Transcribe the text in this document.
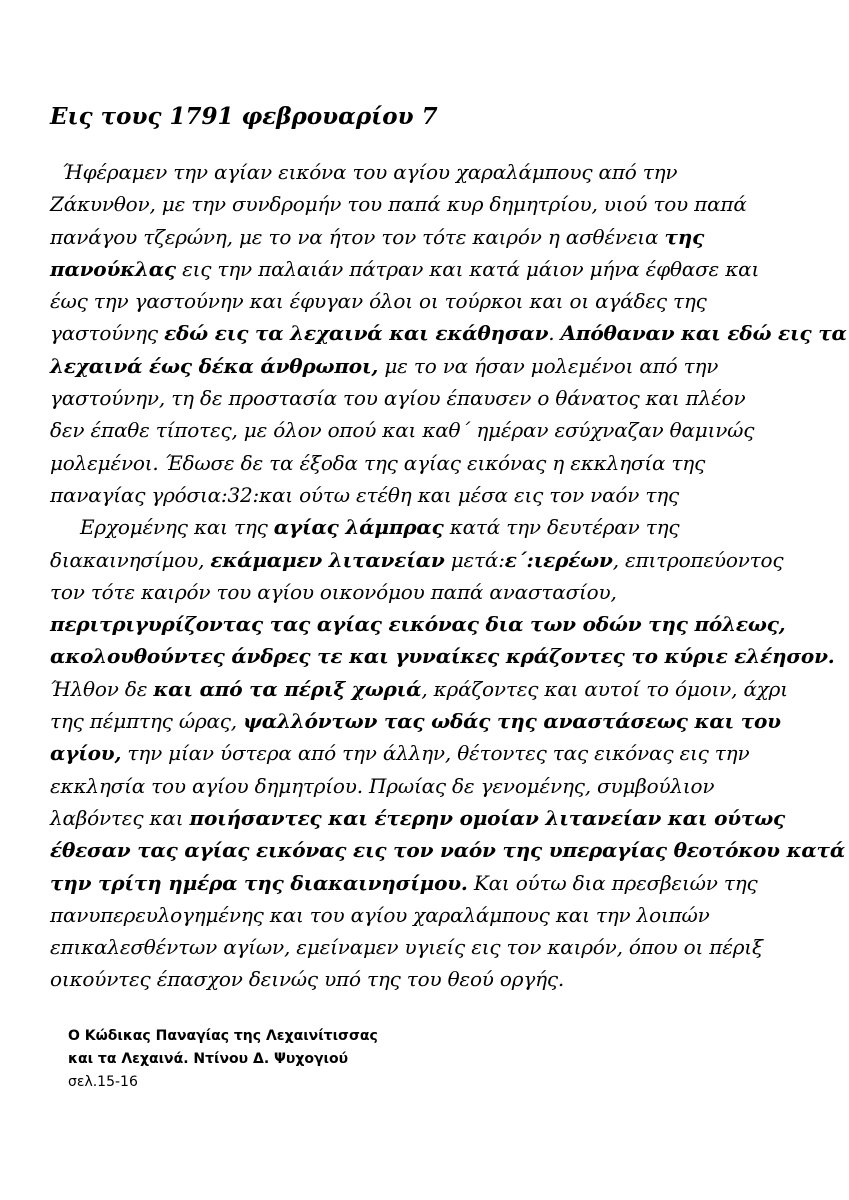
Εις τους 1791 φεβρουαρίου 7
Ήφέραμεν την αγίαν εικόνα του αγίου χαραλάμπους από την
Ζάκυνθον, με την συνδρομήν του παπά κυρ δημητρίου, υιού του παπά
πανάγου τζερώνη, με το να ήτον τον τότε καιρόν η ασθένεια της
πανούκλας εις την παλαιάν πάτραν και κατά μάιον μήνα έφθασε και
έως την γαστούνην και έφυγαν όλοι οι τούρκοι και οι αγάδες της
γαστούνης εδώ εις τα λεχαινά και εκάθησαν. Απόθαναν και εδώ εις τα
λεχαινά έως δέκα άνθρωποι, με το να ήσαν μολεμένοι από την
γαστούνην, τη δε προστασία του αγίου έπαυσεν ο θάνατος και πλέον
δεν έπαθε τίποτες, με όλον οπού και καθ΄ ημέραν εσύχναζαν θαμινώς
μολεμένοι. Έδωσε δε τα έξοδα της αγίας εικόνας η εκκλησία της
παναγίας γρόσια:32:και ούτω ετέθη και μέσα εις τον ναόν της
Ερχομένης και της αγίας λάμπρας κατά την δευτέραν της
διακαινησίμου, εκάμαμεν λιτανείαν μετά:ε΄:ιερέων, επιτροπεύοντος
τον τότε καιρόν του αγίου οικονόμου παπά αναστασίου,
περιτριγυρίζοντας τας αγίας εικόνας δια των οδών της πόλεως,
ακολουθούντες άνδρες τε και γυναίκες κράζοντες το κύριε ελέησον.
Ήλθον δε και από τα πέριξ χωριά, κράζοντες και αυτοί το όμοιν, άχρι
της πέμπτης ώρας, ψαλλόντων τας ωδάς της αναστάσεως και του
αγίου, την μίαν ύστερα από την άλλην, θέτοντες τας εικόνας εις την
εκκλησία του αγίου δημητρίου. Πρωίας δε γενομένης, συμβούλιον
λαβόντες και ποιήσαντες και έτερην ομοίαν λιτανείαν και ούτως
έθεσαν τας αγίας εικόνας εις τον ναόν της υπεραγίας θεοτόκου κατά
την τρίτη ημέρα της διακαινησίμου. Και ούτω δια πρεσβειών της
πανυπερευλογημένης και του αγίου χαραλάμπους και την λοιπών
επικαλεσθέντων αγίων, εμείναμεν υγιείς εις τον καιρόν, όπου οι πέριξ
οικούντες έπασχον δεινώς υπό της του θεού οργής.
Ο Κώδικας Παναγίας της Λεχαινίτισσας
και τα Λεχαινά. Ντίνου Δ. Ψυχογιού
σελ.15-16
